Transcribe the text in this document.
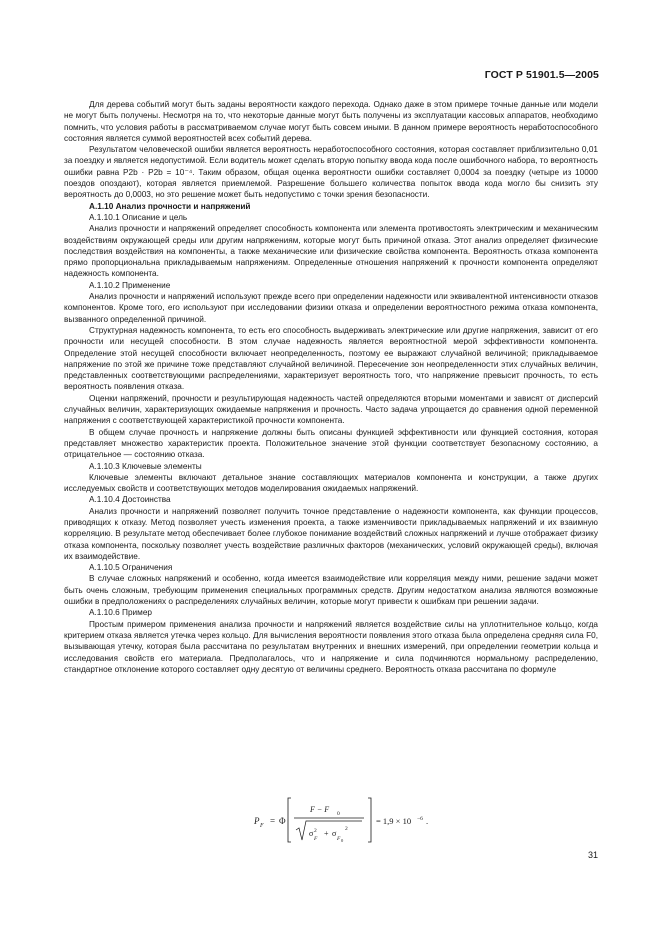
ГОСТ Р 51901.5—2005

Для дерева событий могут быть заданы вероятности каждого перехода. Однако даже в этом примере точные данные или модели не могут быть получены. Несмотря на то, что некоторые данные могут быть получены из эксплуатации кассовых аппаратов, необходимо помнить, что условия работы в рассматриваемом случае могут быть совсем иными. В данном примере вероятность неработоспособного состояния является суммой вероятностей всех событий дерева.

Результатом человеческой ошибки является вероятность неработоспособного состояния, которая составляет приблизительно 0,01 за поездку и является недопустимой. Если водитель может сделать вторую попытку ввода кода после ошибочного набора, то вероятность ошибки равна P2b · P2b = 10⁻⁴. Таким образом, общая оценка вероятности ошибки составляет 0,0004 за поездку (четыре из 10000 поездов опоздают), которая является приемлемой. Разрешение большего количества попыток ввода кода могло бы снизить эту вероятность до 0,0003, но это решение может быть недопустимо с точки зрения безопасности.

А.1.10 Анализ прочности и напряжений

А.1.10.1 Описание и цель

Анализ прочности и напряжений определяет способность компонента или элемента противостоять электрическим и механическим воздействиям окружающей среды или другим напряжениям, которые могут быть причиной отказа. Этот анализ определяет физические последствия воздействия на компоненты, а также механические или физические свойства компонента. Вероятность отказа компонента прямо пропорциональна прикладываемым напряжениям. Определенные отношения напряжений к прочности компонента определяют надежность компонента.

А.1.10.2 Применение

Анализ прочности и напряжений используют прежде всего при определении надежности или эквивалентной интенсивности отказов компонентов. Кроме того, его используют при исследовании физики отказа и определении вероятностного режима отказа компонента, вызванного определенной причиной.

Структурная надежность компонента, то есть его способность выдерживать электрические или другие напряжения, зависит от его прочности или несущей способности. В этом случае надежность является вероятностной мерой эффективности компонента. Определение этой несущей способности включает неопределенность, поэтому ее выражают случайной величиной; прикладываемое напряжение по этой же причине тоже представляют случайной величиной. Пересечение зон неопределенности этих случайных величин, представленных соответствующими распределениями, характеризует вероятность того, что напряжение превысит прочность, то есть вероятность появления отказа.

Оценки напряжений, прочности и результирующая надежность частей определяются вторыми моментами и зависят от дисперсий случайных величин, характеризующих ожидаемые напряжения и прочность. Часто задача упрощается до сравнения одной переменной напряжения с соответствующей характеристикой прочности компонента.

В общем случае прочность и напряжение должны быть описаны функцией эффективности или функцией состояния, которая представляет множество характеристик проекта. Положительное значение этой функции соответствует безопасному состоянию, а отрицательное — состоянию отказа.

А.1.10.3 Ключевые элементы

Ключевые элементы включают детальное знание составляющих материалов компонента и конструкции, а также других исследуемых свойств и соответствующих методов моделирования ожидаемых напряжений.

А.1.10.4 Достоинства

Анализ прочности и напряжений позволяет получить точное представление о надежности компонента, как функции процессов, приводящих к отказу. Метод позволяет учесть изменения проекта, а также изменчивости прикладываемых напряжений и их взаимную корреляцию. В результате метод обеспечивает более глубокое понимание воздействий сложных напряжений и лучше отображает физику отказа компонента, поскольку позволяет учесть воздействие различных факторов (механических, условий окружающей среды), включая их взаимодействие.

А.1.10.5 Ограничения

В случае сложных напряжений и особенно, когда имеется взаимодействие или корреляция между ними, решение задачи может быть очень сложным, требующим применения специальных программных средств. Другим недостатком анализа являются возможные ошибки в предположениях о распределениях случайных величин, которые могут привести к ошибкам при решении задачи.

А.1.10.6 Пример

Простым примером применения анализа прочности и напряжений является воздействие силы на уплотнительное кольцо, когда критерием отказа является утечка через кольцо. Для вычисления вероятности появления этого отказа была определена средняя сила F0, вызывающая утечку, которая была рассчитана по результатам внутренних и внешних измерений, при определении геометрии кольца и исследования свойств его материала. Предполагалось, что и напряжение и сила подчиняются нормальному распределению, стандартное отклонение которого составляет одну десятую от величины среднего. Вероятность отказа рассчитана по формуле

P F = Φ
F − F 0
σ 2
F
+ σ 2
F 0
= 1,9 × 10 −6 .
31
